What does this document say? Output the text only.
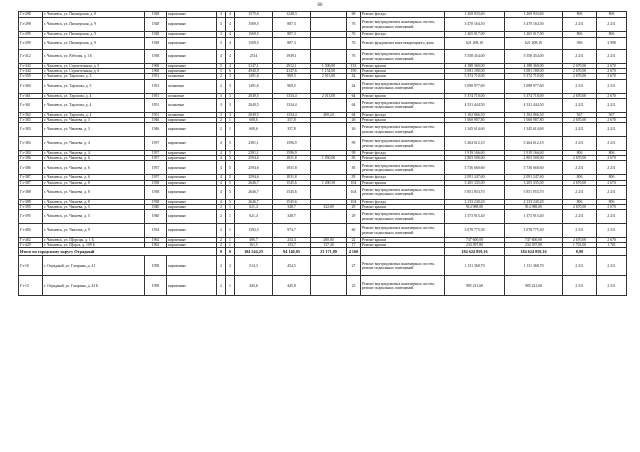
66
Гз-298	г. Чапаевск, ул. Пионерская, д. 8	1928	кирпичные	3	4	1575,6	1248,3		68	Ремонт фасада	1 269 933,60	1 269 933,60	806	806
Гз-298	г. Чапаевск, ул. Пионерская, д. 9	1928	кирпичные	3	4	1569,5	887,3		76	Ремонт внутридомовых инженерных систем, ремонт подвальных помещений	3 470 164,50	3 470 164,50	2 211	2 211
Гз-299	г. Чапаевск, ул. Пионерская, д. 9	1928	кирпичные	3	4	1569,5	887,3		76	Ремонт фасада	1 265 017,00	1 265 017,00	806	806
Гз-299	г. Чапаевск, ул. Пионерская, д. 9	1928	кирпичные	3	4	1569,5	887,3		76	Ремонт фундамента многоквартирного дома	621 208,10	621 208,10	396	3 998
Гз-312	г. Чапаевск, ул. Рабочая, д. 16	1938	кирпичные	4	4	2514	1949,1		76	Ремонт внутридомовых инженерных систем, ремонт подвальных помещений	5 558 454,00	5 558 454,00	2 211	2 211
Гз-343	г. Чапаевск, ул. Строительная, д. 5	1968	кирпичные	5	4	3147,1	2912,1	1 500,00	133	Ремонт крыши	4 188 360,00	4 188 360,00	2 670,00	2 670
Гз-344	г. Чапаевск, ул. Строительная, д. 6	1968	кирпичные	5	6	4940,9	4147,6	1 154,00	190	Ремонт крыши	3 081 180,00	3 081 180,00	2 670,00	2 670
Гз-359	г. Чапаевск, ул. Тарасова, д. 3	1951	шлаковые	2	3	1491,6	969,5	2 013,00	44	Ремонт крыши	5 374 710,00	5 374 710,00	2 670,00	2 670
Гз-360	г. Чапаевск, ул. Тарасова, д. 3	1951	шлаковые	2	3	1491,6	969,5		44	Ремонт внутридомовых инженерных систем, ремонт подвальных помещений	3 098 977,60	3 098 977,60	2 211	2 211
Гз-361	г. Чапаевск, ул. Тарасова, д. 4	1951	шлаковые	3	3	2049,5	1334,4	2 013,00	64	Ремонт крыши	5 374 710,00	5 374 710,00	2 670,00	2 670
Гз-361	г. Чапаевск, ул. Тарасова, д. 4	1951	шлаковые	3	3	2049,5	1334,4		64	Ремонт внутридомовых инженерных систем, ремонт подвальных помещений	4 531 444,50	4 531 444,50	2 211	2 211
Гз-362	г. Чапаевск, ул. Тарасова, д. 4	1951	шлаковые	3	3	2049,5	1334,4	400,24	64	Ремонт фасада	1 102 066,50	1 102 066,50	567	567
Гз-383	г. Чапаевск, ул. Чапаева, д. 3	1946	кирпичные	2	1	608,6	357,8		26	Ремонт крыши	1 068 987,80	1 068 987,80	2 670,00	2 670
Гз-383	г. Чапаевск, ул. Чапаева, д. 3	1946	кирпичные	2	1	608,6	357,8		26	Ремонт внутридомовых инженерных систем, ремонт подвальных помещений	1 345 614,60	1 345 614,60	2 211	2 211
Гз-384	г. Чапаевск, ул. Чапаева, д. 4	1957	кирпичные	4	5	2381,1	1596,9		99	Ремонт внутридомовых инженерных систем, ремонт подвальных помещений	5 264 612,10	5 264 612,10	2 211	2 211
Гз-384	г. Чапаевск, ул. Чапаева, д. 4	1957	кирпичные	4	5	2381,1	1596,9		99	Ремонт фасада	1 919 166,60	1 919 166,60	806	806
Гз-386	г. Чапаевск, ул. Чапаева, д. 6	1957	кирпичные	4	5	2594,6	1831,8	1 050,00	83	Ремонт крыши	2 803 500,00	2 803 500,00	2 670,00	2 670
Гз-386	г. Чапаевск, ул. Чапаева, д. 6	1957	кирпичные	4	5	2594,6	1831,8		83	Ремонт внутридомовых инженерных систем, ремонт подвальных помещений	5 736 660,60	5 736 660,60	2 211	2 211
Гз-387	г. Чапаевск, ул. Чапаева, д. 6	1957	кирпичные	4	5	2594,6	1831,8		83	Ремонт фасада	2 091 247,60	2 091 247,60	806	806
Гз-387	г. Чапаевск, ул. Чапаева, д. 8	1938	кирпичные	4	5	2646,7	1545,6	1 200,50	104	Ремонт крыши	3 205 335,00	3 205 335,00	2 670,00	2 670
Гз-388	г. Чапаевск, ул. Чапаева, д. 8	1938	кирпичные	4	5	2646,7	1545,6		104	Ремонт внутридомовых инженерных систем, ремонт подвальных помещений	5 851 853,70	5 851 853,70	2 211	2 211
Гз-388	г. Чапаевск, ул. Чапаева, д. 8	1938	кирпичные	4	5	2646,7	1545,6		104	Ремонт фасада	2 133 240,20	2 133 240,20	806	806
Гз-395	г. Чапаевск, ул. Чапаева, д. 5	1940	кирпичные	2	1	621,4	348,7	342,69	29	Ремонт крыши	914 988,00	914 988,00	2 670,00	2 670
Гз-395	г. Чапаевск, ул. Чапаева, д. 5	1940	кирпичные	2	1	621,4	348,7		29	Ремонт внутридомовых инженерных систем, ремонт подвальных помещений	1 373 915,40	1 373 915,40	2 211	2 211
Гз-400	г. Чапаевск, ул. Чкалова, д. 9	1954	кирпичные	2	1	1392,5	974,7		60	Ремонт внутридомовых инженерных систем, ремонт подвальных помещений	3 078 775,30	3 078 775,30	2 211	2 211
Гз-402	г. Чапаевск, ул. Щорсцы, д. 1 Б	1962	кирпичные	2	1	406,7	254,3	280,00	22	Ремонт крыши	747 600,00	747 600,00	2 670,00	2 670
Гз-429	г. Чапаевск, ул. Щорса, д. 109 Б	1962	кирпичные	2	1	161,5	133,7	137,40	17	Ремонт крыши	234 397,80	234 397,80	1 701,00	1 701
Итого по городскому округу Отрадный				0	0	104 544,25	94 140,05	23 171,09	4 160		184 624 859,16	184 624 859,16	0,00	
Гз-10	г. Отрадный, ул. Гагарина, д. 41	1958	кирпичные	2	2	514,3	454,5		27	Ремонт внутридомовых инженерных систем, ремонт подвальных помещений	1 131 368,70	1 131 368,70	2 211	2 211
Гз-13	г. Отрадный, ул. Гагарина, д. 43 Б	1958	кирпичные	2	1	445,6	445,8		23	Ремонт внутридомовых инженерных систем, ремонт подвальных помещений	985 221,60	985 221,60	2 211	2 211
